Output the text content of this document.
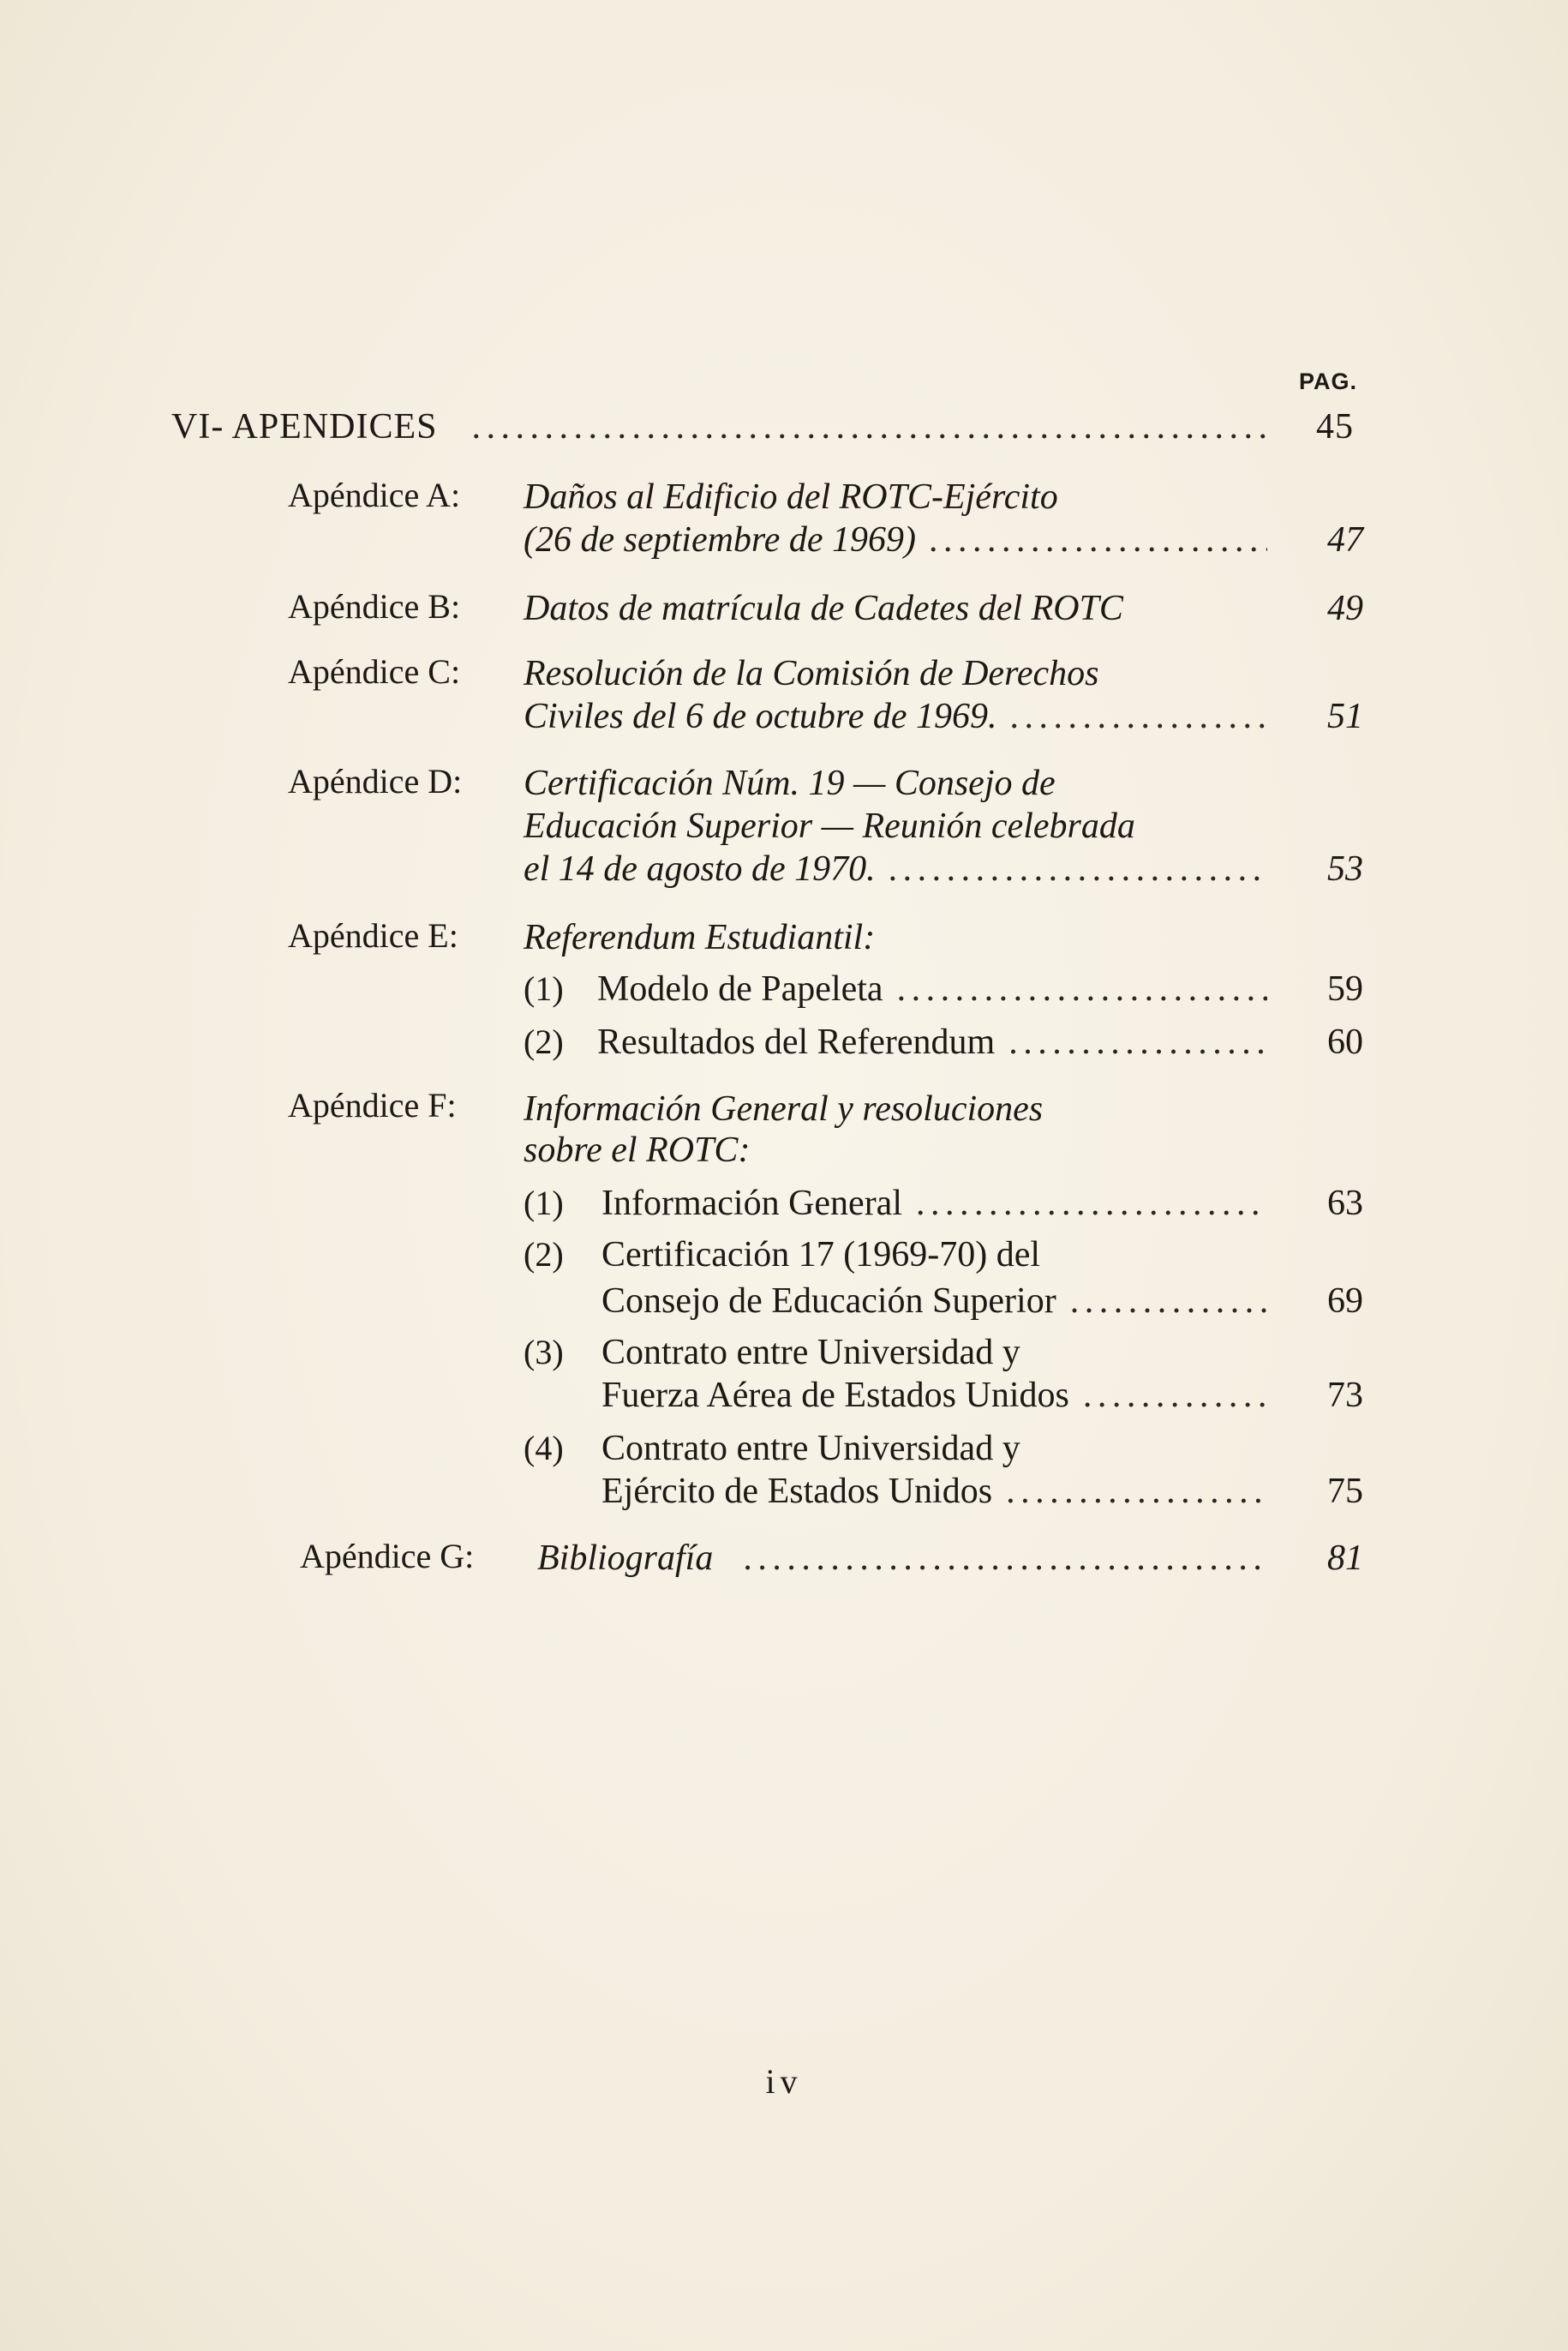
PAG.
VI- APENDICES . . .	45
Apéndice A: Daños al Edificio del ROTC-Ejército
(26 de septiembre de 1969) . . .	47
Apéndice B: Datos de matrícula de Cadetes del ROTC	49
Apéndice C: Resolución de la Comisión de Derechos
Civiles del 6 de octubre de 1969. . . .	51
Apéndice D: Certificación Núm. 19 — Consejo de
Educación Superior — Reunión celebrada
el 14 de agosto de 1970. . . .	53
Apéndice E: Referendum Estudiantil:
(1) Modelo de Papeleta . . .	59
(2) Resultados del Referendum . . .	60
Apéndice F: Información General y resoluciones
sobre el ROTC:
(1)	Información General . . .	63
(2)	Certificación 17 (1969-70) del
Consejo de Educación Superior . . .	69
(3)	Contrato entre Universidad y
Fuerza Aérea de Estados Unidos . . .	73
(4)	Contrato entre Universidad y
Ejército de Estados Unidos . . .	75
Apéndice G: Bibliografía . . .	81
iv
